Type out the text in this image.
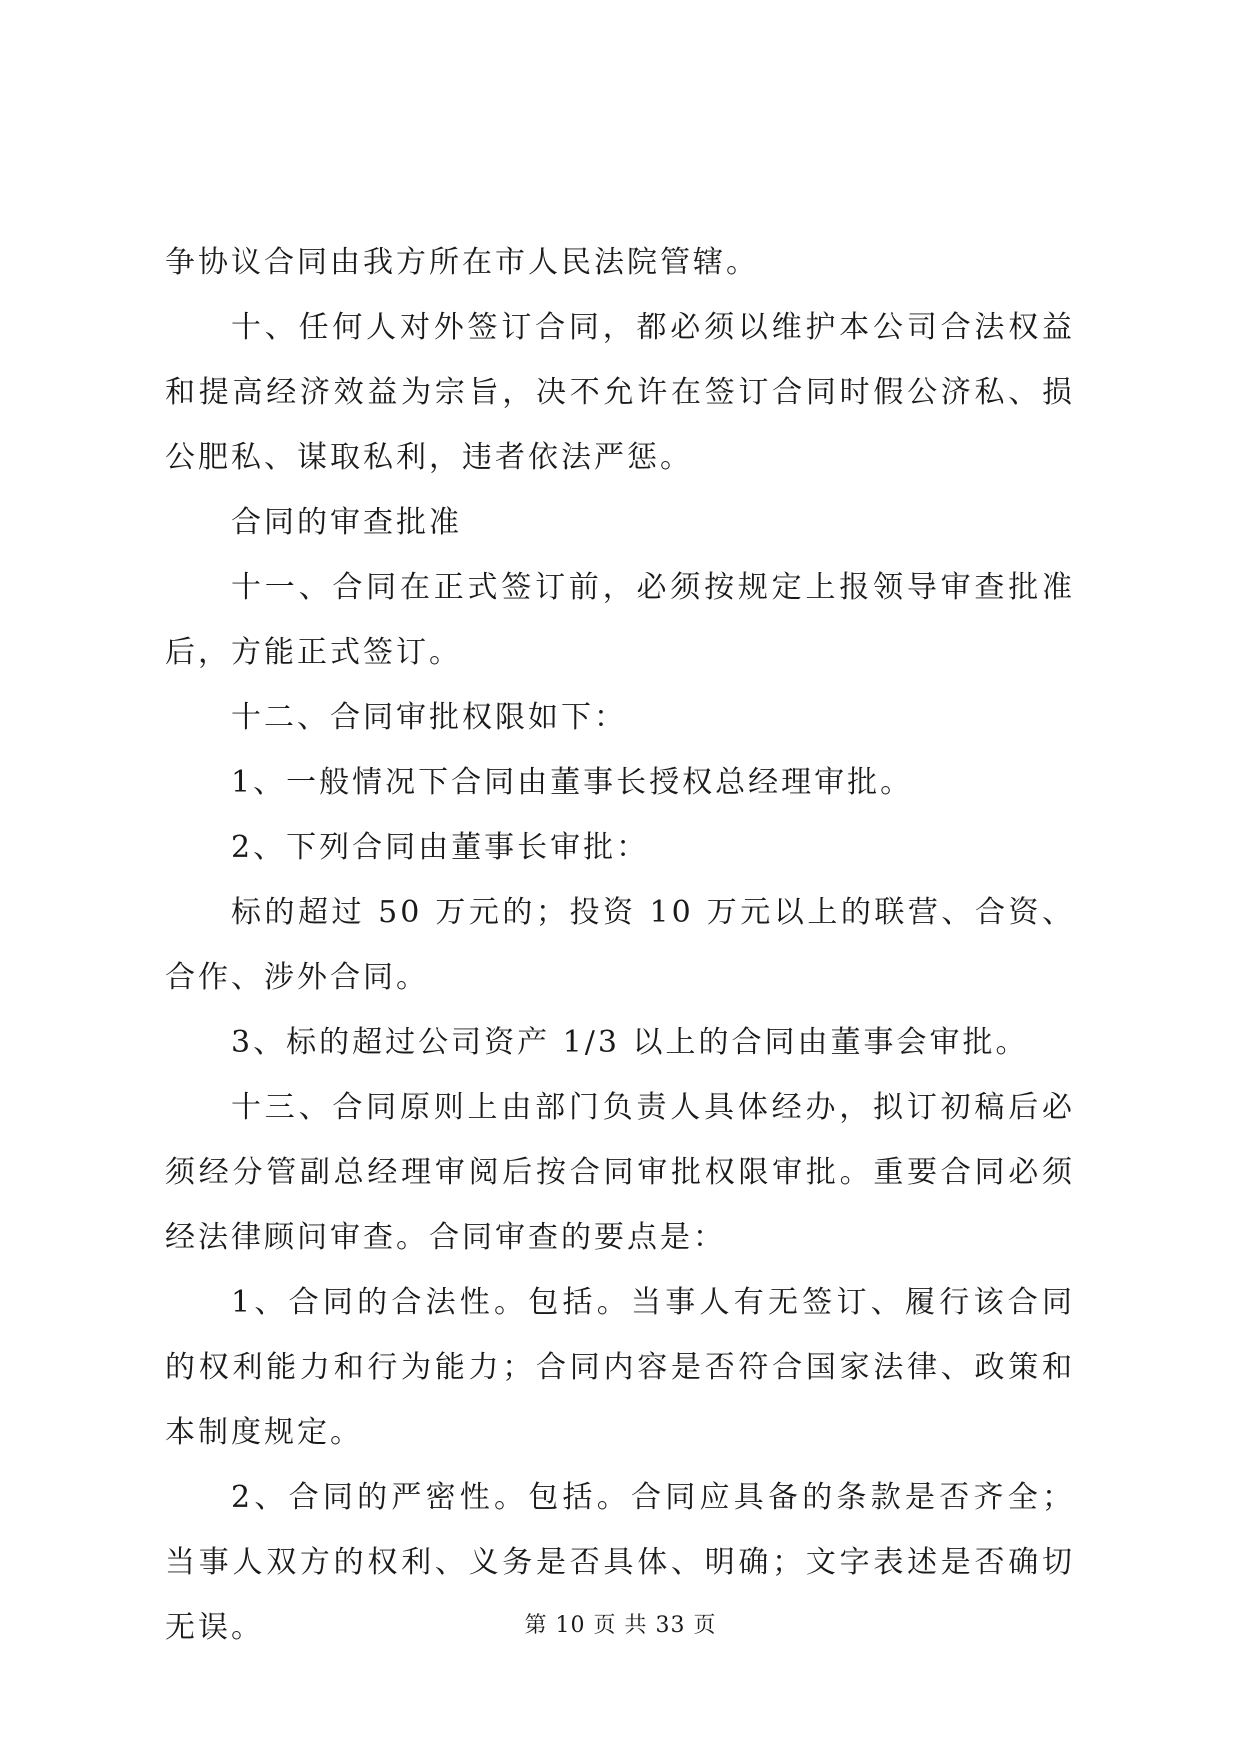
争协议合同由我方所在市人民法院管辖。

十、任何人对外签订合同，都必须以维护本公司合法权益和提高经济效益为宗旨，决不允许在签订合同时假公济私、损公肥私、谋取私利，违者依法严惩。

合同的审查批准

十一、合同在正式签订前，必须按规定上报领导审查批准后，方能正式签订。

十二、合同审批权限如下：

1、一般情况下合同由董事长授权总经理审批。

2、下列合同由董事长审批：

标的超过 50 万元的；投资 10 万元以上的联营、合资、合作、涉外合同。

3、标的超过公司资产 1/3 以上的合同由董事会审批。

十三、合同原则上由部门负责人具体经办，拟订初稿后必须经分管副总经理审阅后按合同审批权限审批。重要合同必须经法律顾问审查。合同审查的要点是：

1、合同的合法性。包括。当事人有无签订、履行该合同的权利能力和行为能力；合同内容是否符合国家法律、政策和本制度规定。

2、合同的严密性。包括。合同应具备的条款是否齐全；当事人双方的权利、义务是否具体、明确；文字表述是否确切无误。	第 10 页 共 33 页
